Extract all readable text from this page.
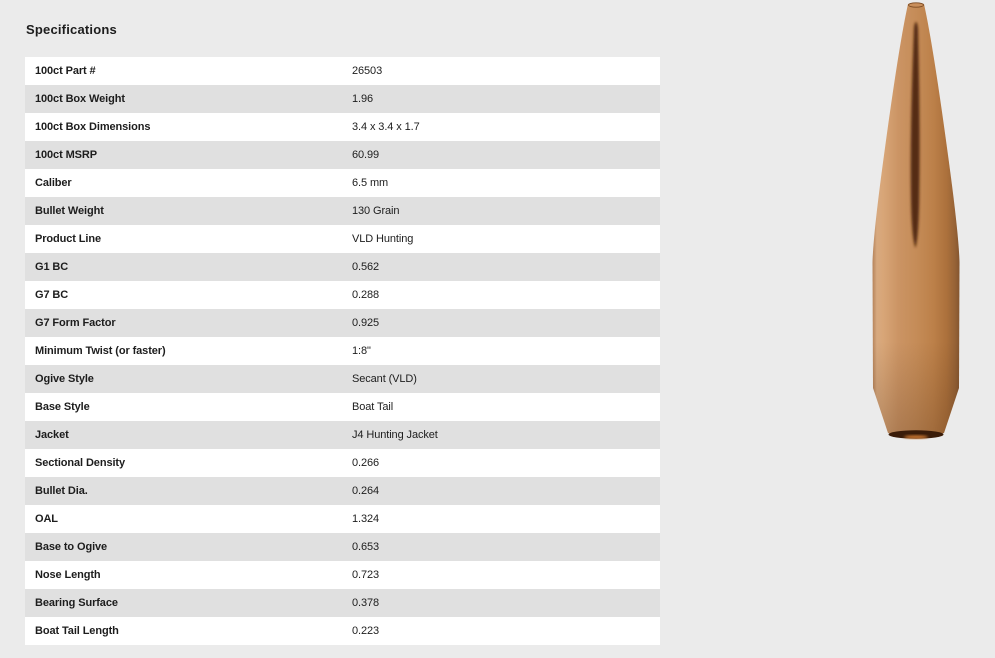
Specifications
100ct Part #	26503
100ct Box Weight	1.96
100ct Box Dimensions	3.4 x 3.4 x 1.7
100ct MSRP	60.99
Caliber	6.5 mm
Bullet Weight	130 Grain
Product Line	VLD Hunting
G1 BC	0.562
G7 BC	0.288
G7 Form Factor	0.925
Minimum Twist (or faster)	1:8"
Ogive Style	Secant (VLD)
Base Style	Boat Tail
Jacket	J4 Hunting Jacket
Sectional Density	0.266
Bullet Dia.	0.264
OAL	1.324
Base to Ogive	0.653
Nose Length	0.723
Bearing Surface	0.378
Boat Tail Length	0.223
